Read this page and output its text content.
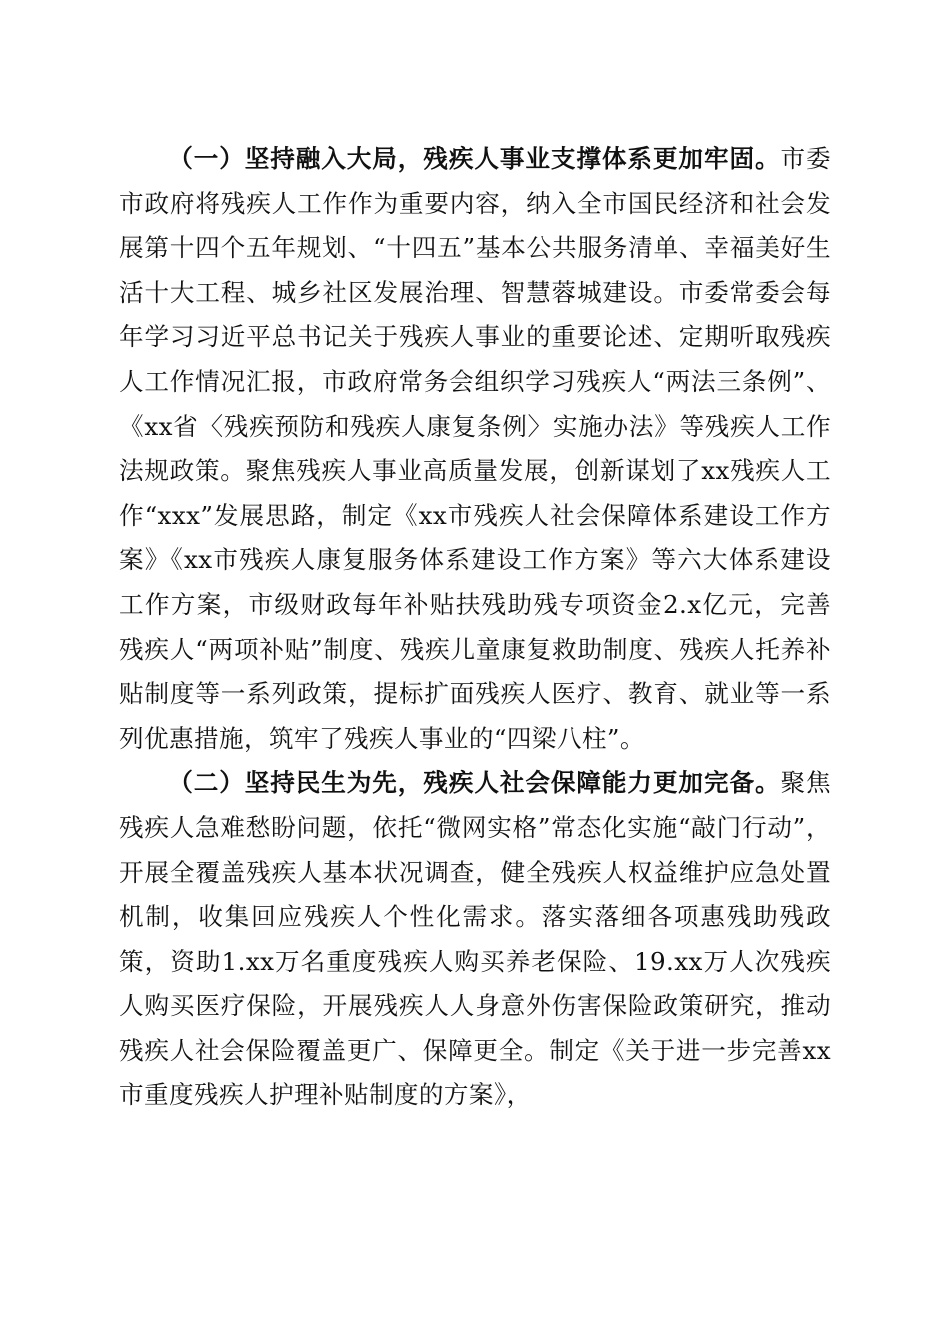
（一）坚持融入大局，残疾人事业支撑体系更加牢固。市委市政府将残疾人工作作为重要内容，纳入全市国民经济和社会发展第十四个五年规划、“十四五”基本公共服务清单、幸福美好生活十大工程、城乡社区发展治理、智慧蓉城建设。市委常委会每年学习习近平总书记关于残疾人事业的重要论述、定期听取残疾人工作情况汇报，市政府常务会组织学习残疾人“两法三条例”、《xx省〈残疾预防和残疾人康复条例〉实施办法》等残疾人工作法规政策。聚焦残疾人事业高质量发展，创新谋划了xx残疾人工作“xxx”发展思路，制定《xx市残疾人社会保障体系建设工作方案》《xx市残疾人康复服务体系建设工作方案》等六大体系建设工作方案，市级财政每年补贴扶残助残专项资金2.x亿元，完善残疾人“两项补贴”制度、残疾儿童康复救助制度、残疾人托养补贴制度等一系列政策，提标扩面残疾人医疗、教育、就业等一系列优惠措施，筑牢了残疾人事业的“四梁八柱”。

（二）坚持民生为先，残疾人社会保障能力更加完备。聚焦残疾人急难愁盼问题，依托“微网实格”常态化实施“敲门行动”，开展全覆盖残疾人基本状况调查，健全残疾人权益维护应急处置机制，收集回应残疾人个性化需求。落实落细各项惠残助残政策，资助1.xx万名重度残疾人购买养老保险、19.xx万人次残疾人购买医疗保险，开展残疾人人身意外伤害保险政策研究，推动残疾人社会保险覆盖更广、保障更全。制定《关于进一步完善xx市重度残疾人护理补贴制度的方案》，
